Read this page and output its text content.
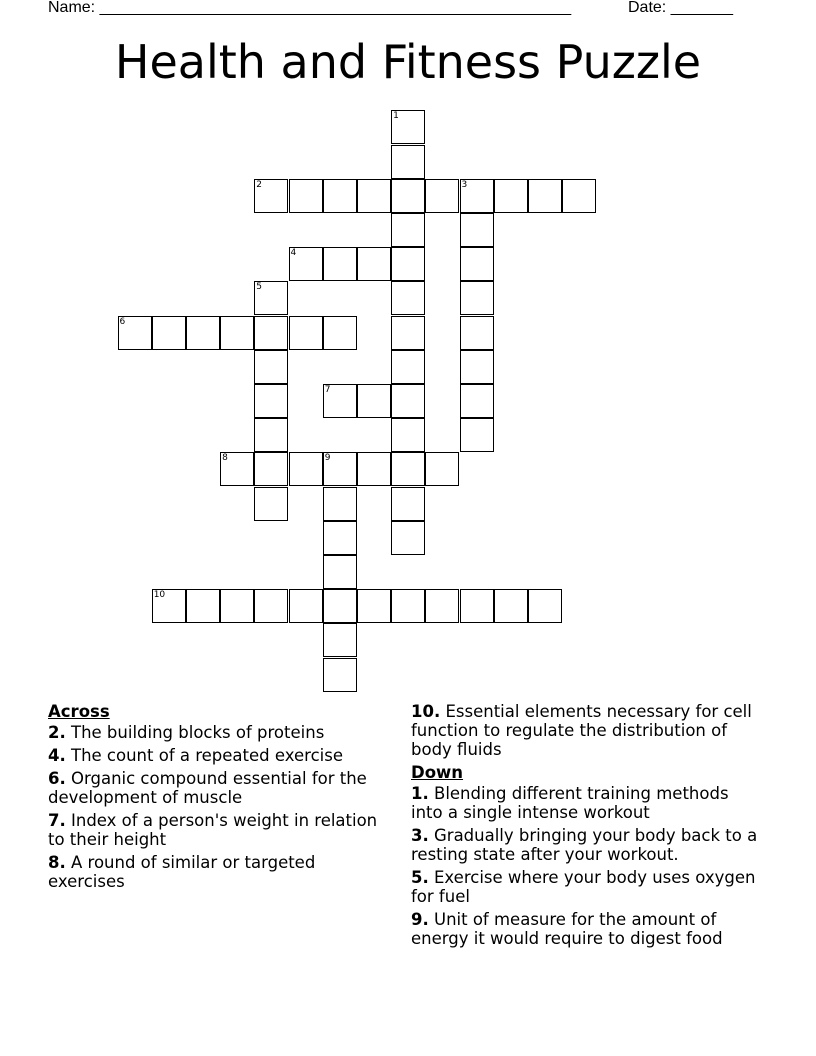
Name: _____________________________________________________

	Date: _______

Health and Fitness Puzzle
1
2	3
4
5
6
7
8	9
10
Across
2. The building blocks of proteins
4. The count of a repeated exercise
6. Organic compound essential for the development of muscle
7. Index of a person's weight in relation to their height
8. A round of similar or targeted exercises
10. Essential elements necessary for cell function to regulate the distribution of body fluids
Down
1. Blending different training methods into a single intense workout
3. Gradually bringing your body back to a resting state after your workout.
5. Exercise where your body uses oxygen for fuel
9. Unit of measure for the amount of energy it would require to digest food
